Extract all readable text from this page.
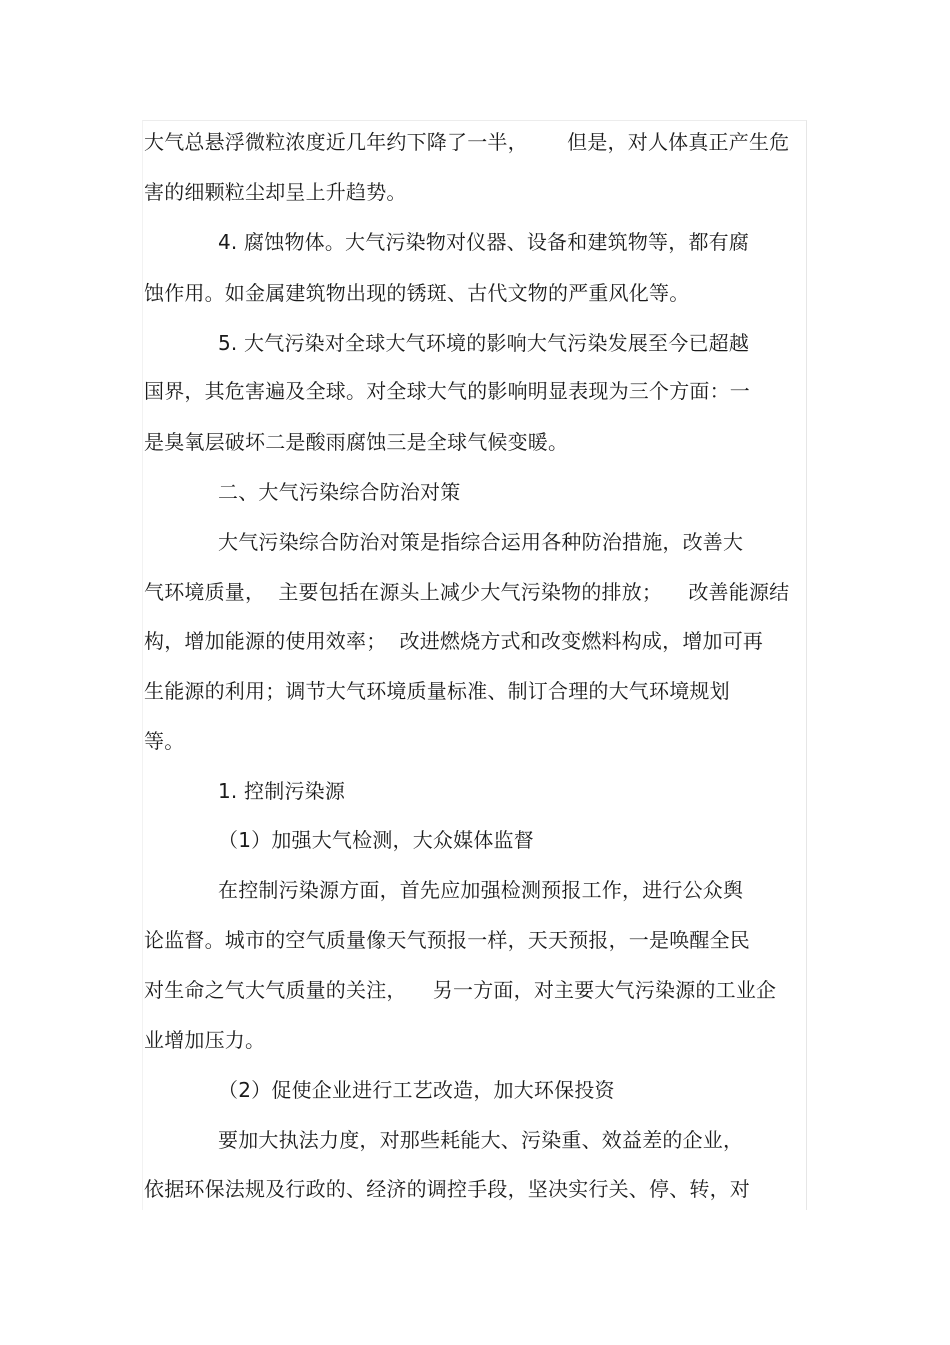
大气总悬浮微粒浓度近几年约下降了一半，      但是，对人体真正产生危
害的细颗粒尘却呈上升趋势。
4. 腐蚀物体。大气污染物对仪器、设备和建筑物等，都有腐
蚀作用。如金属建筑物出现的锈斑、古代文物的严重风化等。
5. 大气污染对全球大气环境的影响大气污染发展至今已超越
国界，其危害遍及全球。对全球大气的影响明显表现为三个方面：一
是臭氧层破坏二是酸雨腐蚀三是全球气候变暖。
二、大气污染综合防治对策
大气污染综合防治对策是指综合运用各种防治措施，改善大
气环境质量，  主要包括在源头上减少大气污染物的排放；    改善能源结
构，增加能源的使用效率；  改进燃烧方式和改变燃料构成，增加可再
生能源的利用；调节大气环境质量标准、制订合理的大气环境规划
等。
1. 控制污染源
（1）加强大气检测，大众媒体监督
在控制污染源方面，首先应加强检测预报工作，进行公众舆
论监督。城市的空气质量像天气预报一样，天天预报，一是唤醒全民
对生命之气大气质量的关注，    另一方面，对主要大气污染源的工业企
业增加压力。
（2）促使企业进行工艺改造，加大环保投资
要加大执法力度，对那些耗能大、污染重、效益差的企业，
依据环保法规及行政的、经济的调控手段，坚决实行关、停、转，对
